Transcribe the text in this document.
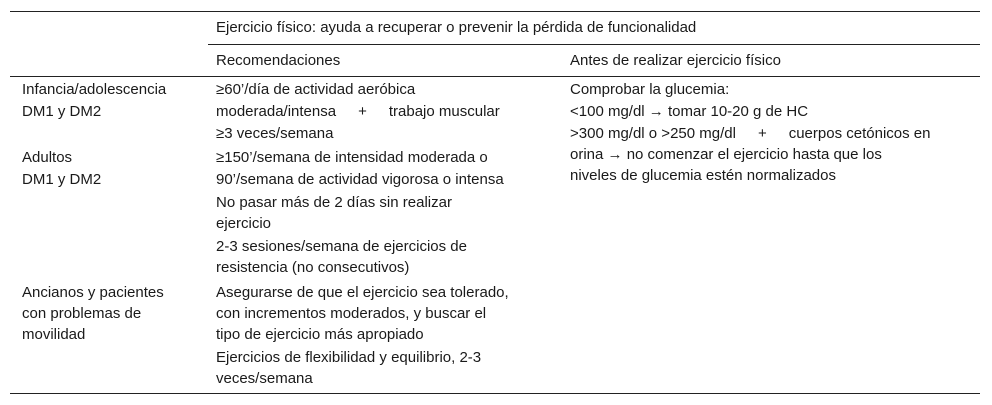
Ejercicio físico: ayuda a recuperar o prevenir la pérdida de funcionalidad

Recomendaciones	Antes de realizar ejercicio físico

Infancia/adolescencia

DM1 y DM2

≥60’/día de actividad aeróbica

moderada/intensa + trabajo muscular

≥3 veces/semana

Adultos

DM1 y DM2

≥150’/semana de intensidad moderada o

90’/semana de actividad vigorosa o intensa

No pasar más de 2 días sin realizar

ejercicio

2-3 sesiones/semana de ejercicios de

resistencia (no consecutivos)

Ancianos y pacientes

con problemas de

movilidad

Asegurarse de que el ejercicio sea tolerado,

con incrementos moderados, y buscar el

tipo de ejercicio más apropiado

Ejercicios de flexibilidad y equilibrio, 2-3

veces/semana

Comprobar la glucemia:

<100 mg/dl → tomar 10-20 g de HC

>300 mg/dl o >250 mg/dl + cuerpos cetónicos en

orina → no comenzar el ejercicio hasta que los

niveles de glucemia estén normalizados
